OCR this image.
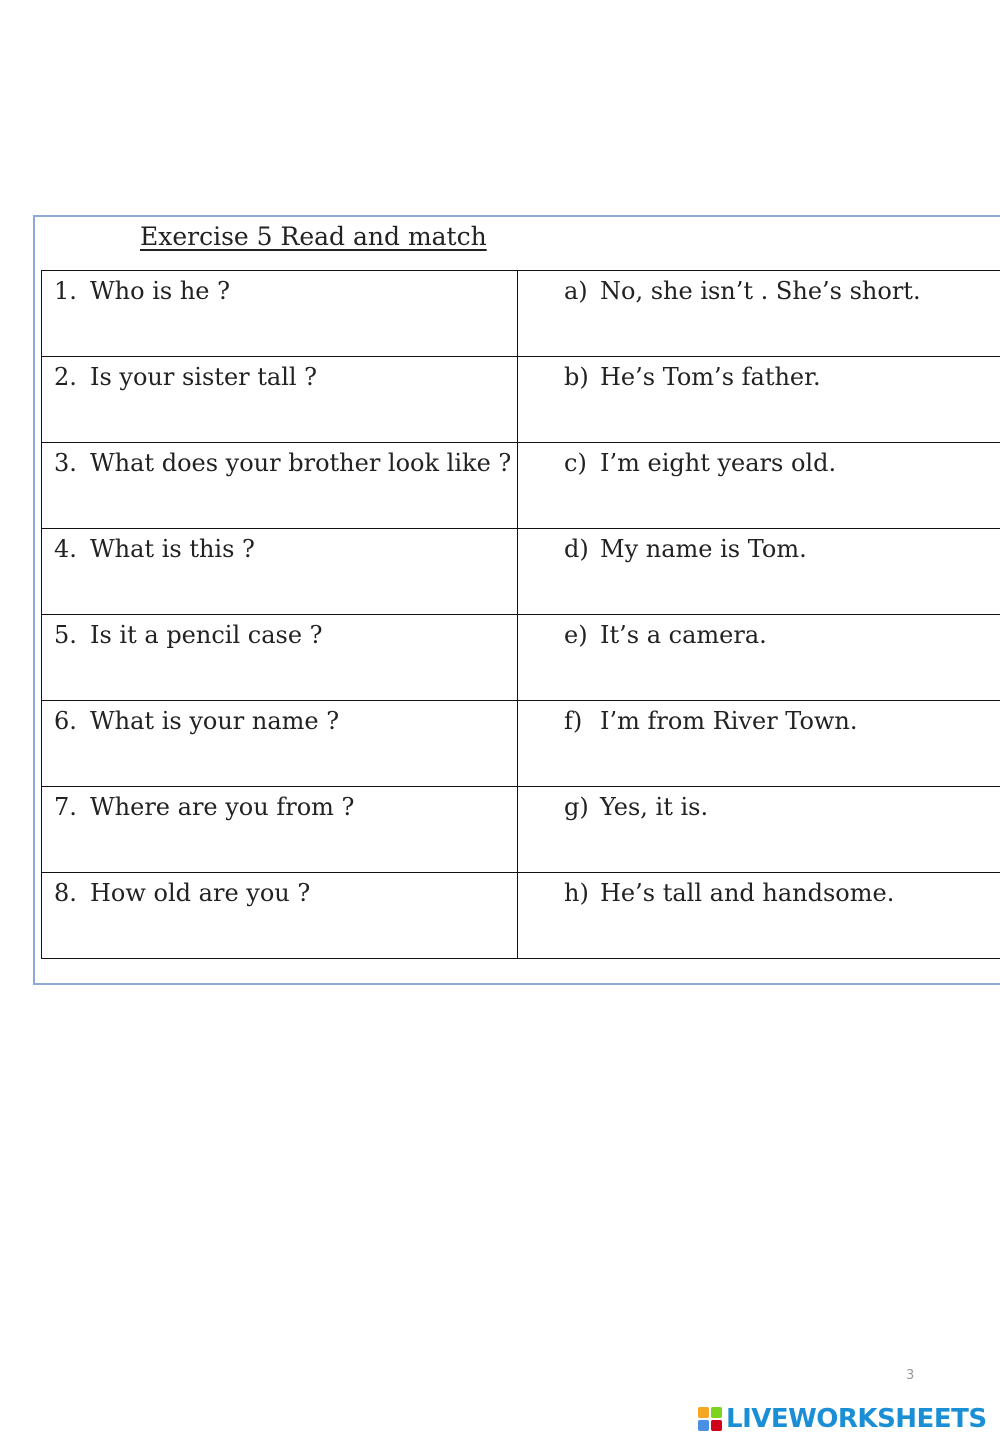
Exercise 5 Read and match
1. Who is he ?	a) No, she isn’t . She’s short.
2. Is your sister tall ?	b) He’s Tom’s father.
3. What does your brother look like ?	c) I’m eight years old.
4. What is this ?	d) My name is Tom.
5. Is it a pencil case ?	e) It’s a camera.
6. What is your name ?	f) I’m from River Town.
7. Where are you from ?	g) Yes, it is.
8. How old are you ?	h) He’s tall and handsome.
3
LIVEWORKSHEETS
